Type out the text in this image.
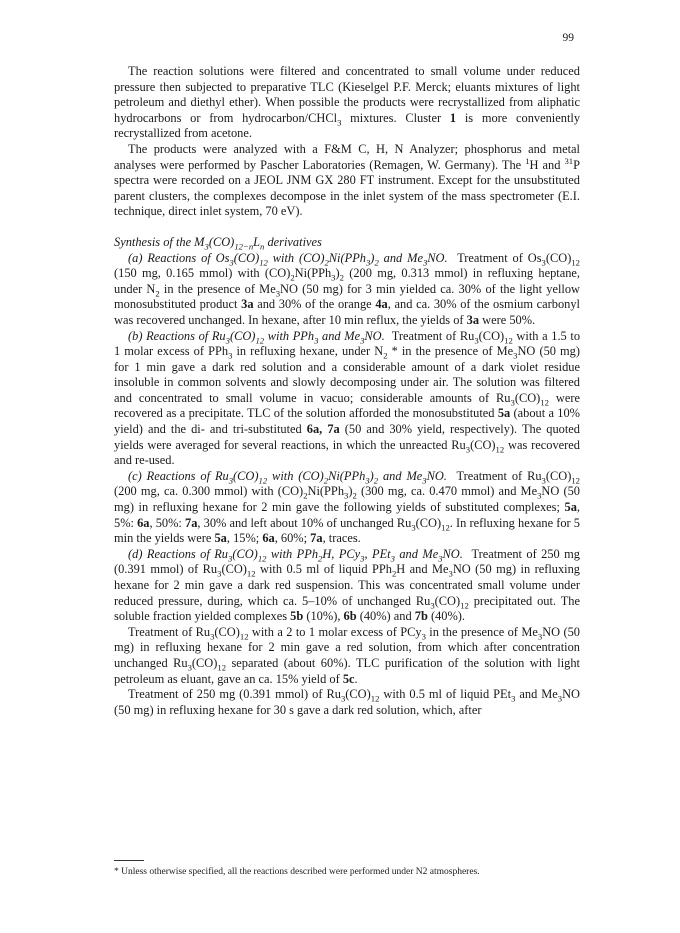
99

The reaction solutions were filtered and concentrated to small volume under reduced pressure then subjected to preparative TLC (Kieselgel P.F. Merck; eluants mixtures of light petroleum and diethyl ether). When possible the products were recrystallized from aliphatic hydrocarbons or from hydrocarbon/CHCl$_3$ mixtures. Cluster 1 is more conveniently recrystallized from acetone.

The products were analyzed with a F&M C, H, N Analyzer; phosphorus and metal analyses were performed by Pascher Laboratories (Remagen, W. Germany). The $^1$H and $^{31}$P spectra were recorded on a JEOL JNM GX 280 FT instrument. Except for the unsubstituted parent clusters, the complexes decompose in the inlet system of the mass spectrometer (E.I. technique, direct inlet system, 70 eV).

Synthesis of the $M_3(CO)_{12-n}L_n$ derivatives

(a) Reactions of $Os_3(CO)_{12}$ with $(CO)_2Ni(PPh_3)_2$ and $Me_3NO$.  Treatment of $Os_3(CO)_{12}$ (150 mg, 0.165 mmol) with $(CO)_2Ni(PPh_3)_2$ (200 mg, 0.313 mmol) in refluxing heptane, under $N_2$ in the presence of $Me_3NO$ (50 mg) for 3 min yielded ca. 30% of the light yellow monosubstituted product 3a and 30% of the orange 4a, and ca. 30% of the osmium carbonyl was recovered unchanged. In hexane, after 10 min reflux, the yields of 3a were 50%.

(b) Reactions of $Ru_3(CO)_{12}$ with PPh$_3$ and $Me_3NO$.  Treatment of $Ru_3(CO)_{12}$ with a 1.5 to 1 molar excess of PPh$_3$ in refluxing hexane, under $N_2$ * in the presence of $Me_3NO$ (50 mg) for 1 min gave a dark red solution and a considerable amount of a dark violet residue insoluble in common solvents and slowly decomposing under air. The solution was filtered and concentrated to small volume in vacuo; considerable amounts of $Ru_3(CO)_{12}$ were recovered as a precipitate. TLC of the solution afforded the monosubstituted 5a (about a 10% yield) and the di- and tri-substituted 6a, 7a (50 and 30% yield, respectively). The quoted yields were averaged for several reactions, in which the unreacted $Ru_3(CO)_{12}$ was recovered and re-used.

(c) Reactions of $Ru_3(CO)_{12}$ with $(CO)_2Ni(PPh_3)_2$ and $Me_3NO$.  Treatment of $Ru_3(CO)_{12}$ (200 mg, ca. 0.300 mmol) with $(CO)_2Ni(PPh_3)_2$ (300 mg, ca. 0.470 mmol) and $Me_3NO$ (50 mg) in refluxing hexane for 2 min gave the following yields of substituted complexes; 5a, 5%: 6a, 50%: 7a, 30% and left about 10% of unchanged $Ru_3(CO)_{12}$. In refluxing hexane for 5 min the yields were 5a, 15%; 6a, 60%; 7a, traces.

(d) Reactions of $Ru_3(CO)_{12}$ with PPh$_2$H, PCy$_3$, PEt$_3$ and $Me_3NO$.  Treatment of 250 mg (0.391 mmol) of $Ru_3(CO)_{12}$ with 0.5 ml of liquid PPh$_2$H and $Me_3NO$ (50 mg) in refluxing hexane for 2 min gave a dark red suspension. This was concentrated small volume under reduced pressure, during, which ca. 5–10% of unchanged $Ru_3(CO)_{12}$ precipitated out. The soluble fraction yielded complexes 5b (10%), 6b (40%) and 7b (40%).

Treatment of $Ru_3(CO)_{12}$ with a 2 to 1 molar excess of PCy$_3$ in the presence of $Me_3NO$ (50 mg) in refluxing hexane for 2 min gave a red solution, from which after concentration unchanged $Ru_3(CO)_{12}$ separated (about 60%). TLC purification of the solution with light petroleum as eluant, gave an ca. 15% yield of 5c.

Treatment of 250 mg (0.391 mmol) of $Ru_3(CO)_{12}$ with 0.5 ml of liquid PEt$_3$ and $Me_3NO$ (50 mg) in refluxing hexane for 30 s gave a dark red solution, which, after

* Unless otherwise specified, all the reactions described were performed under N2 atmospheres.
